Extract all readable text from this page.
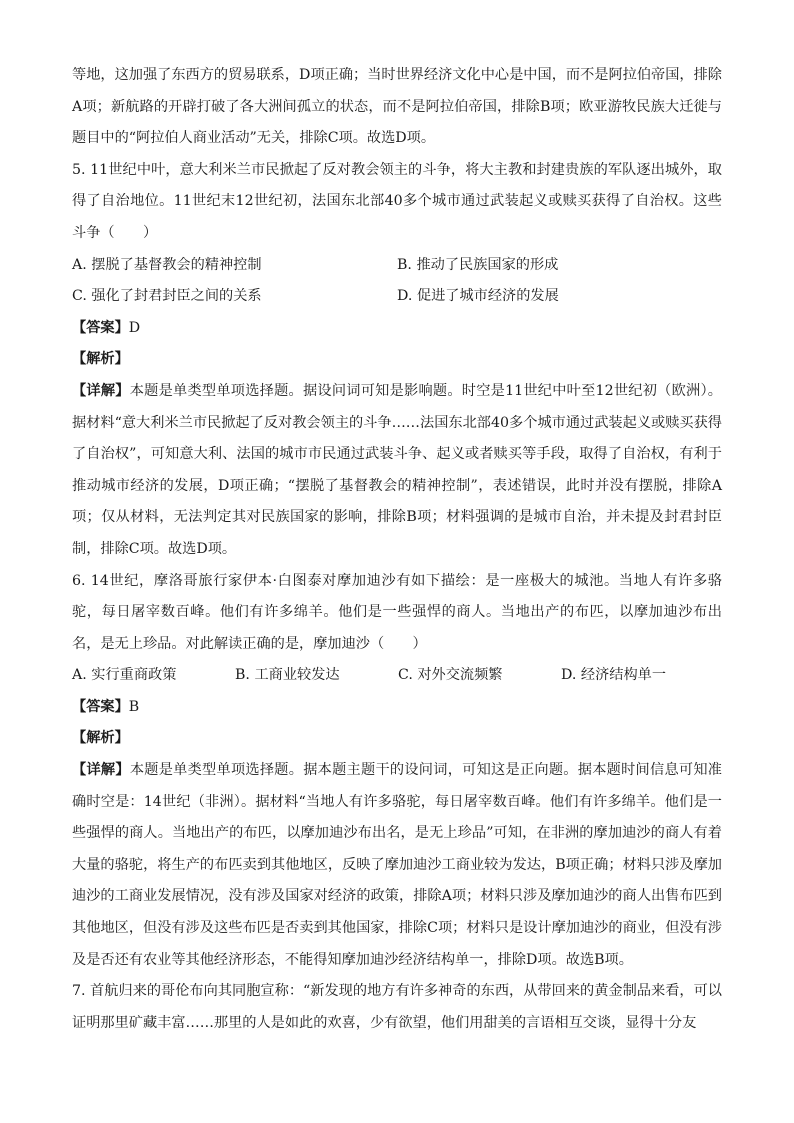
等地，这加强了东西方的贸易联系，D项正确；当时世界经济文化中心是中国，而不是阿拉伯帝国，排除A项；新航路的开辟打破了各大洲间孤立的状态，而不是阿拉伯帝国，排除B项；欧亚游牧民族大迁徙与题目中的“阿拉伯人商业活动”无关，排除C项。故选D项。

5. 11世纪中叶，意大利米兰市民掀起了反对教会领主的斗争，将大主教和封建贵族的军队逐出城外，取得了自治地位。11世纪末12世纪初，法国东北部40多个城市通过武装起义或赎买获得了自治权。这些斗争（　　）

A. 摆脱了基督教会的精神控制	B. 推动了民族国家的形成
C. 强化了封君封臣之间的关系	D. 促进了城市经济的发展

【答案】D

【解析】

【详解】本题是单类型单项选择题。据设问词可知是影响题。时空是11世纪中叶至12世纪初（欧洲）。据材料“意大利米兰市民掀起了反对教会领主的斗争……法国东北部40多个城市通过武装起义或赎买获得了自治权”，可知意大利、法国的城市市民通过武装斗争、起义或者赎买等手段，取得了自治权，有利于推动城市经济的发展，D项正确；“摆脱了基督教会的精神控制”，表述错误，此时并没有摆脱，排除A项；仅从材料，无法判定其对民族国家的影响，排除B项；材料强调的是城市自治，并未提及封君封臣制，排除C项。故选D项。

6. 14世纪，摩洛哥旅行家伊本·白图泰对摩加迪沙有如下描绘：是一座极大的城池。当地人有许多骆驼，每日屠宰数百峰。他们有许多绵羊。他们是一些强悍的商人。当地出产的布匹，以摩加迪沙布出名，是无上珍品。对此解读正确的是，摩加迪沙（　　）

A. 实行重商政策	B. 工商业较发达	C. 对外交流频繁	D. 经济结构单一

【答案】B

【解析】

【详解】本题是单类型单项选择题。据本题主题干的设问词，可知这是正向题。据本题时间信息可知准确时空是：14世纪（非洲）。据材料“当地人有许多骆驼，每日屠宰数百峰。他们有许多绵羊。他们是一些强悍的商人。当地出产的布匹，以摩加迪沙布出名，是无上珍品”可知，在非洲的摩加迪沙的商人有着大量的骆驼，将生产的布匹卖到其他地区，反映了摩加迪沙工商业较为发达，B项正确；材料只涉及摩加迪沙的工商业发展情况，没有涉及国家对经济的政策，排除A项；材料只涉及摩加迪沙的商人出售布匹到其他地区，但没有涉及这些布匹是否卖到其他国家，排除C项；材料只是设计摩加迪沙的商业，但没有涉及是否还有农业等其他经济形态，不能得知摩加迪沙经济结构单一，排除D项。故选B项。

7. 首航归来的哥伦布向其同胞宣称：“新发现的地方有许多神奇的东西，从带回来的黄金制品来看，可以证明那里矿藏丰富……那里的人是如此的欢喜，少有欲望，他们用甜美的言语相互交谈，显得十分友
